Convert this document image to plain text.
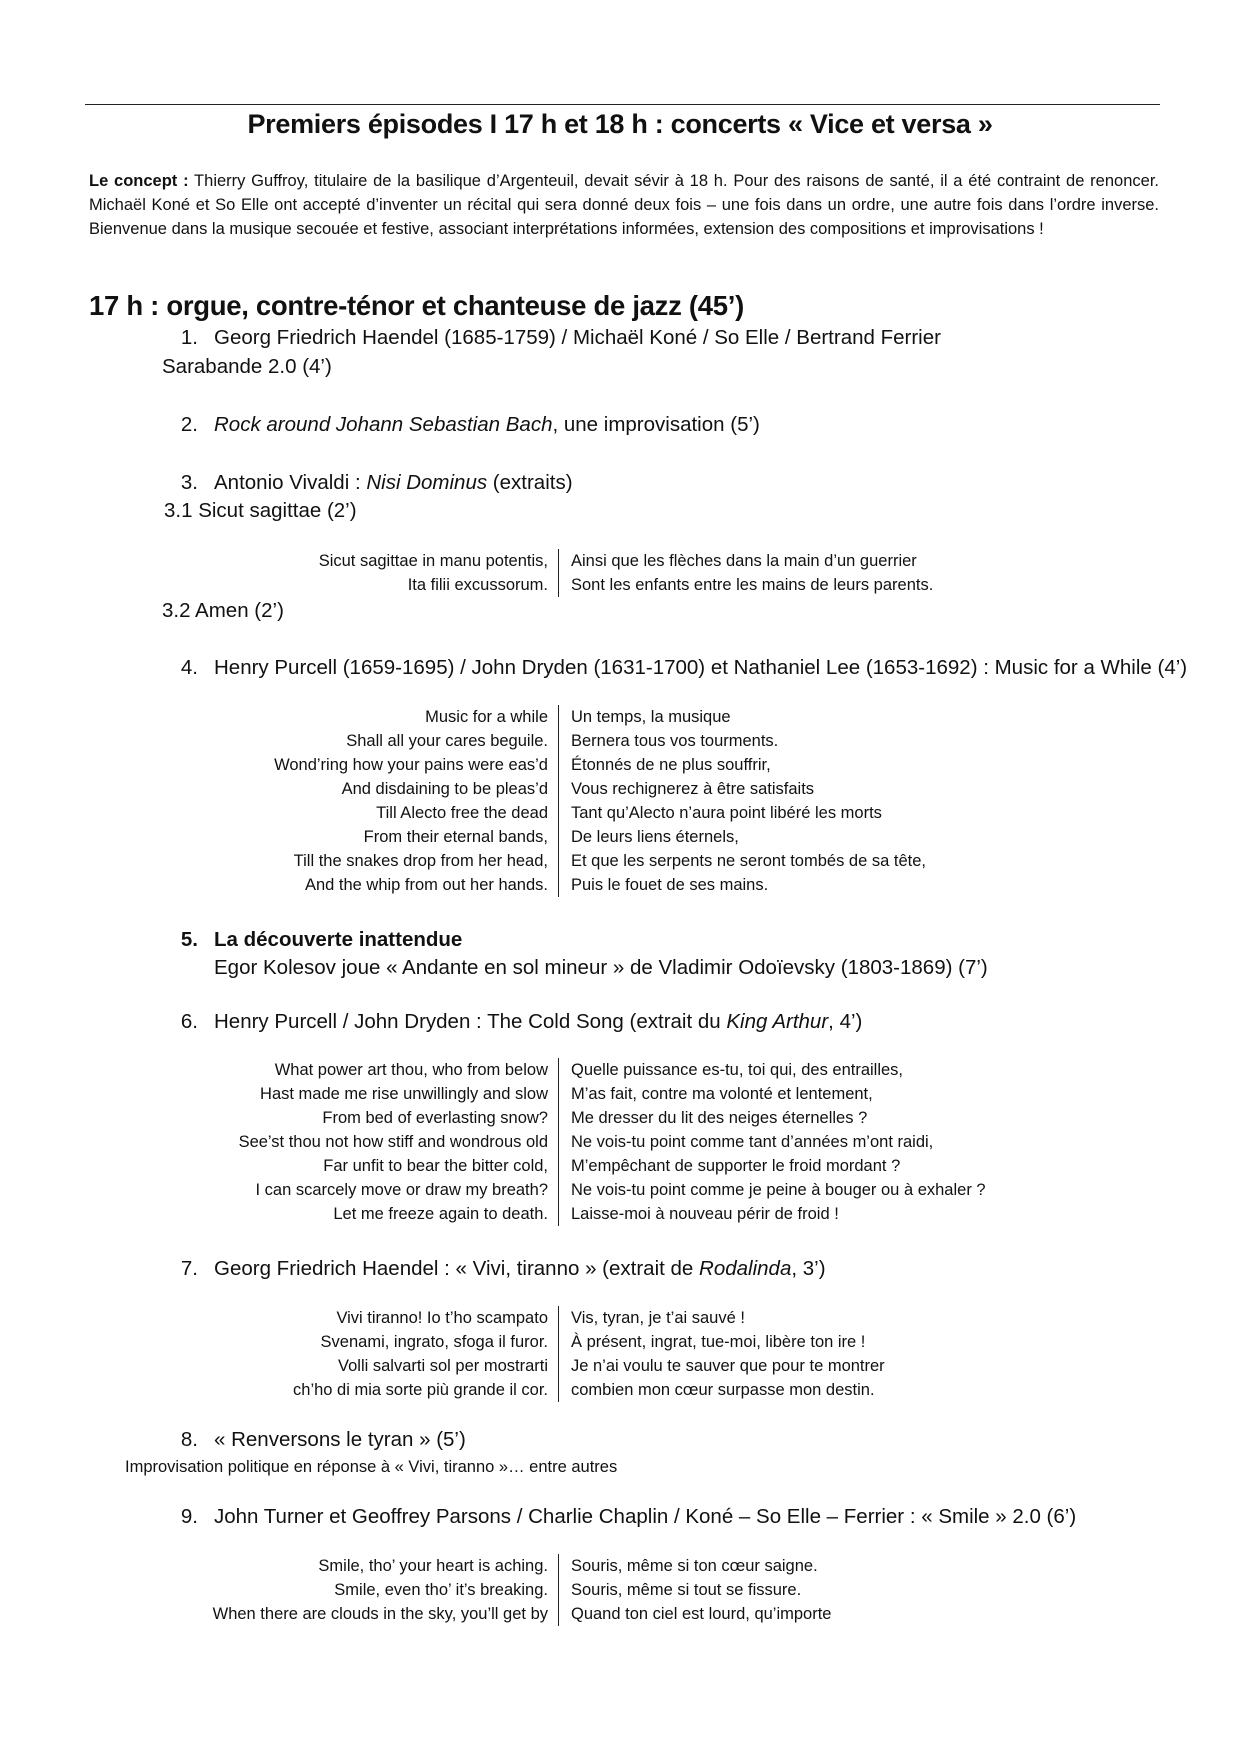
Premiers épisodes I 17 h et 18 h : concerts « Vice et versa »
Le concept : Thierry Guffroy, titulaire de la basilique d’Argenteuil, devait sévir à 18 h. Pour des raisons de santé, il a été contraint de renoncer. Michaël Koné et So Elle ont accepté d’inventer un récital qui sera donné deux fois – une fois dans un ordre, une autre fois dans l’ordre inverse. Bienvenue dans la musique secouée et festive, associant interprétations informées, extension des compositions et improvisations !
17 h : orgue, contre-ténor et chanteuse de jazz (45’)
1. Georg Friedrich Haendel (1685-1759) / Michaël Koné / So Elle / Bertrand Ferrier
Sarabande 2.0 (4’)
2. Rock around Johann Sebastian Bach, une improvisation (5’)
3. Antonio Vivaldi : Nisi Dominus (extraits)
3.1 Sicut sagittae (2’)
Sicut sagittae in manu potentis, Ainsi que les flèches dans la main d’un guerrier
Ita filii excussorum. Sont les enfants entre les mains de leurs parents.
3.2 Amen (2’)
4. Henry Purcell (1659-1695) / John Dryden (1631-1700) et Nathaniel Lee (1653-1692) : Music for a While (4’)
Music for a while Un temps, la musique
Shall all your cares beguile. Bernera tous vos tourments.
Wond’ring how your pains were eas’d Étonnés de ne plus souffrir,
And disdaining to be pleas’d Vous rechignerez à être satisfaits
Till Alecto free the dead Tant qu’Alecto n’aura point libéré les morts
From their eternal bands, De leurs liens éternels,
Till the snakes drop from her head, Et que les serpents ne seront tombés de sa tête,
And the whip from out her hands. Puis le fouet de ses mains.
5. La découverte inattendue
Egor Kolesov joue « Andante en sol mineur » de Vladimir Odoïevsky (1803-1869) (7’)
6. Henry Purcell / John Dryden : The Cold Song (extrait du King Arthur, 4’)
What power art thou, who from below Quelle puissance es-tu, toi qui, des entrailles,
Hast made me rise unwillingly and slow M’as fait, contre ma volonté et lentement,
From bed of everlasting snow? Me dresser du lit des neiges éternelles ?
See’st thou not how stiff and wondrous old Ne vois-tu point comme tant d’années m’ont raidi,
Far unfit to bear the bitter cold, M’empêchant de supporter le froid mordant ?
I can scarcely move or draw my breath? Ne vois-tu point comme je peine à bouger ou à exhaler ?
Let me freeze again to death. Laisse-moi à nouveau périr de froid !
7. Georg Friedrich Haendel : « Vivi, tiranno » (extrait de Rodalinda, 3’)
Vivi tiranno! Io t’ho scampato Vis, tyran, je t’ai sauvé !
Svenami, ingrato, sfoga il furor. À présent, ingrat, tue-moi, libère ton ire !
Volli salvarti sol per mostrarti Je n’ai voulu te sauver que pour te montrer
ch’ho di mia sorte più grande il cor. combien mon cœur surpasse mon destin.
8. « Renversons le tyran » (5’)
Improvisation politique en réponse à « Vivi, tiranno »… entre autres
9. John Turner et Geoffrey Parsons / Charlie Chaplin / Koné – So Elle – Ferrier : « Smile » 2.0 (6’)
Smile, tho’ your heart is aching. Souris, même si ton cœur saigne.
Smile, even tho’ it’s breaking. Souris, même si tout se fissure.
When there are clouds in the sky, you’ll get by Quand ton ciel est lourd, qu’importe
